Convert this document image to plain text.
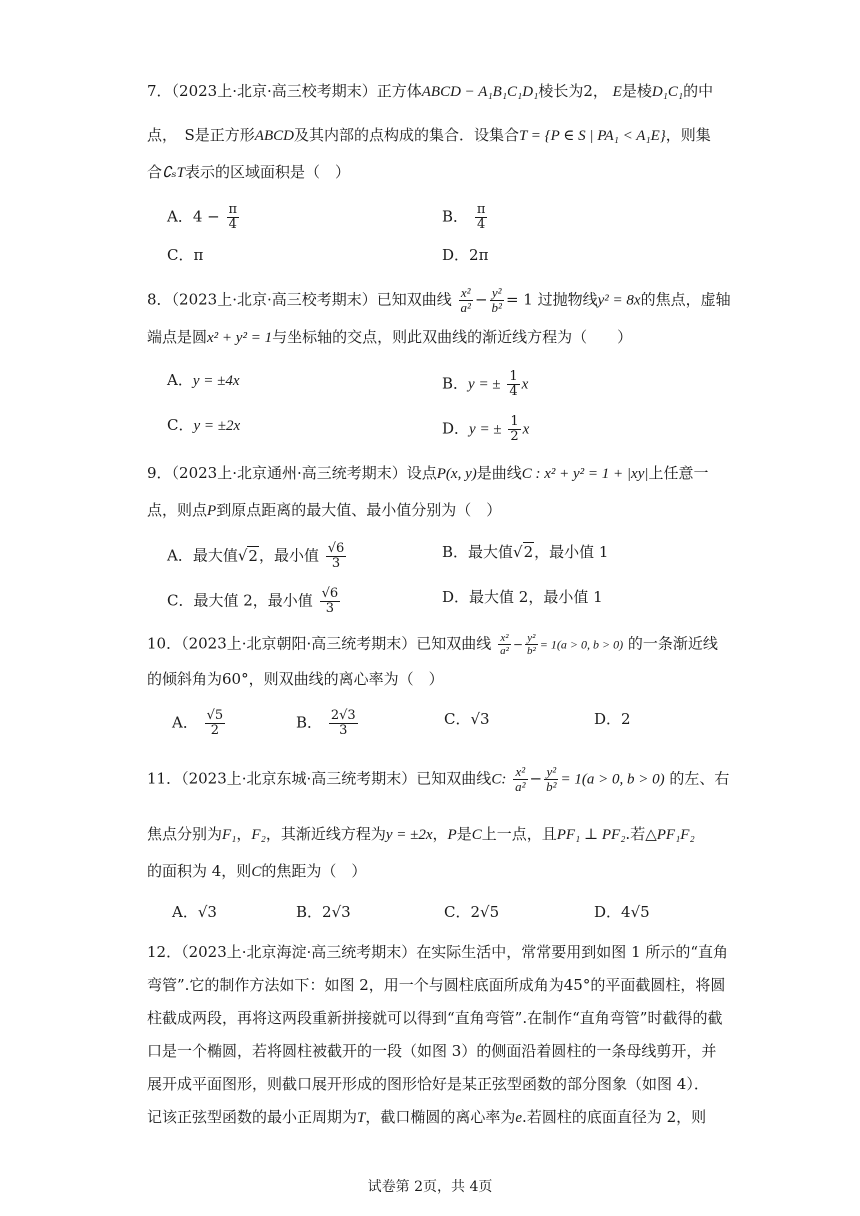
7．（2023上·北京·高三校考期末）正方体ABCD − A₁B₁C₁D₁棱长为2， E是棱D₁C₁的中
点，　S是正方形ABCD及其内部的点构成的集合．设集合T = {P ∈ S | PA₁ < A₁E}，则集
合∁ₛT表示的区域面积是（　）
A．$4 - \frac{\pi}{4}$	B． $\frac{\pi}{4}$
C．π	D．2π
8．（2023上·北京·高三校考期末）已知双曲线 $\frac{\text{x²}}{\text{a²}} - \frac{\text{y²}}{\text{b²}} = 1$ 过抛物线y² = 8x的焦点，虚轴
端点是圆x² + y² = 1与坐标轴的交点，则此双曲线的渐近线方程为（　　）
A．y = ±4x	B．y = ± $\frac{1}{4}$ x
C．y = ±2x	D．y = ± $\frac{1}{2}$ x
9．（2023上·北京通州·高三统考期末）设点P(x, y)是曲线C : x² + y² = 1 + |xy|上任意一
点，则点P到原点距离的最大值、最小值分别为（　）
A．最大值√2，最小值 $\frac{√6}{3}$	B．最大值√2，最小值 1
C．最大值 2，最小值 $\frac{√6}{3}$	D．最大值 2，最小值 1
10．（2023上·北京朝阳·高三统考期末）已知双曲线 $\frac{\text{x²}}{\text{a²}} - \frac{\text{y²}}{\text{b²}} = 1(a > 0$, b > 0) 的一条渐近线
的倾斜角为60°，则双曲线的离心率为（　）
A． $\frac{√5}{2}$	B． $\frac{2√3}{3}$	C．√3	D．2
11．（2023上·北京东城·高三统考期末）已知双曲线C: $\frac{\text{x²}}{\text{a²}} - \frac{\text{y²}}{\text{b²}} = 1(a > 0$, b > 0) 的左、右
焦点分别为F₁，F₂，其渐近线方程为y = ±2x，P是C上一点，且PF₁ ⊥ PF₂.若△PF₁F₂
的面积为 4，则C的焦距为（　）
A．√3	B．2√3	C．2√5	D．4√5
12．（2023上·北京海淀·高三统考期末）在实际生活中，常常要用到如图 1 所示的“直角
弯管”.它的制作方法如下：如图 2，用一个与圆柱底面所成角为45°的平面截圆柱，将圆
柱截成两段，再将这两段重新拼接就可以得到“直角弯管”.在制作“直角弯管”时截得的截
口是一个椭圆，若将圆柱被截开的一段（如图 3）的侧面沿着圆柱的一条母线剪开，并
展开成平面图形，则截口展开形成的图形恰好是某正弦型函数的部分图象（如图 4）．
记该正弦型函数的最小正周期为T，截口椭圆的离心率为e.若圆柱的底面直径为 2，则
试卷第 2页，共 4页
